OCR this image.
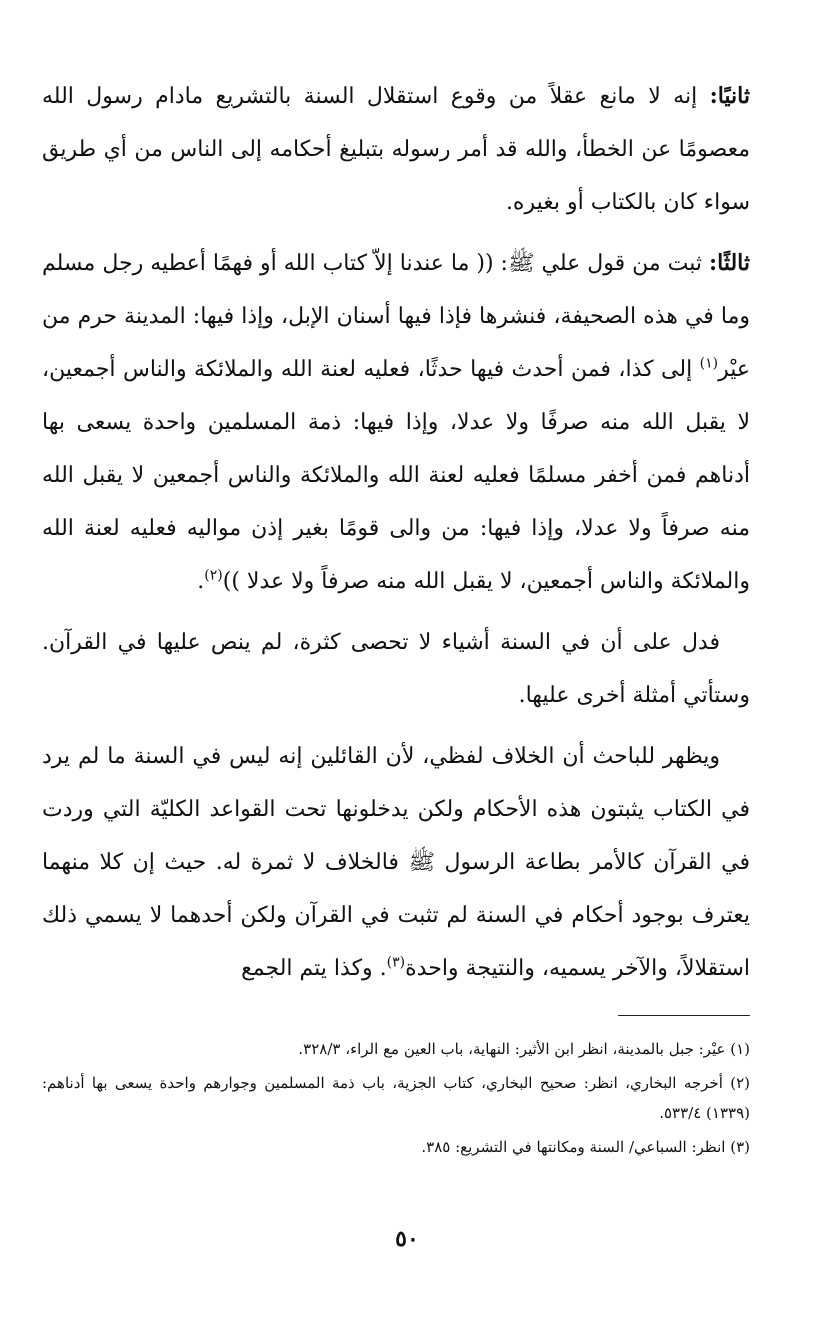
ثانيًا: إنه لا مانع عقلاً من وقوع استقلال السنة بالتشريع مادام رسول الله معصومًا عن الخطأ، والله قد أمر رسوله بتبليغ أحكامه إلى الناس من أي طريق سواء كان بالكتاب أو بغيره.

ثالثًا: ثبت من قول علي ﷺ: (( ما عندنا إلاّ كتاب الله أو فهمًا أعطيه رجل مسلم وما في هذه الصحيفة، فنشرها فإذا فيها أسنان الإبل، وإذا فيها: المدينة حرم من عيْر$^{(١)}$ إلى كذا، فمن أحدث فيها حدثًا، فعليه لعنة الله والملائكة والناس أجمعين، لا يقبل الله منه صرفًا ولا عدلا، وإذا فيها: ذمة المسلمين واحدة يسعى بها أدناهم فمن أخفر مسلمًا فعليه لعنة الله والملائكة والناس أجمعين لا يقبل الله منه صرفاً ولا عدلا، وإذا فيها: من والى قومًا بغير إذن مواليه فعليه لعنة الله والملائكة والناس أجمعين، لا يقبل الله منه صرفاً ولا عدلا ))$^{(٢)}$.

فدل على أن في السنة أشياء لا تحصى كثرة، لم ينص عليها في القرآن. وستأتي أمثلة أخرى عليها.

ويظهر للباحث أن الخلاف لفظي، لأن القائلين إنه ليس في السنة ما لم يرد في الكتاب يثبتون هذه الأحكام ولكن يدخلونها تحت القواعد الكليّة التي وردت في القرآن كالأمر بطاعة الرسول ﷺ فالخلاف لا ثمرة له. حيث إن كلا منهما يعترف بوجود أحكام في السنة لم تثبت في القرآن ولكن أحدهما لا يسمي ذلك استقلالاً، والآخر يسميه، والنتيجة واحدة$^{(٣)}$. وكذا يتم الجمع

(١) عيْر: جبل بالمدينة، انظر ابن الأثير: النهاية، باب العين مع الراء، ٣٢٨/٣.

(٢) أخرجه البخاري، انظر: صحيح البخاري، كتاب الجزية، باب ذمة المسلمين وجوارهم واحدة يسعى بها أدناهم: (١٣٣٩) ٥٣٣/٤.

(٣) انظر: السباعي/ السنة ومكانتها في التشريع: ٣٨٥.

٥٠
